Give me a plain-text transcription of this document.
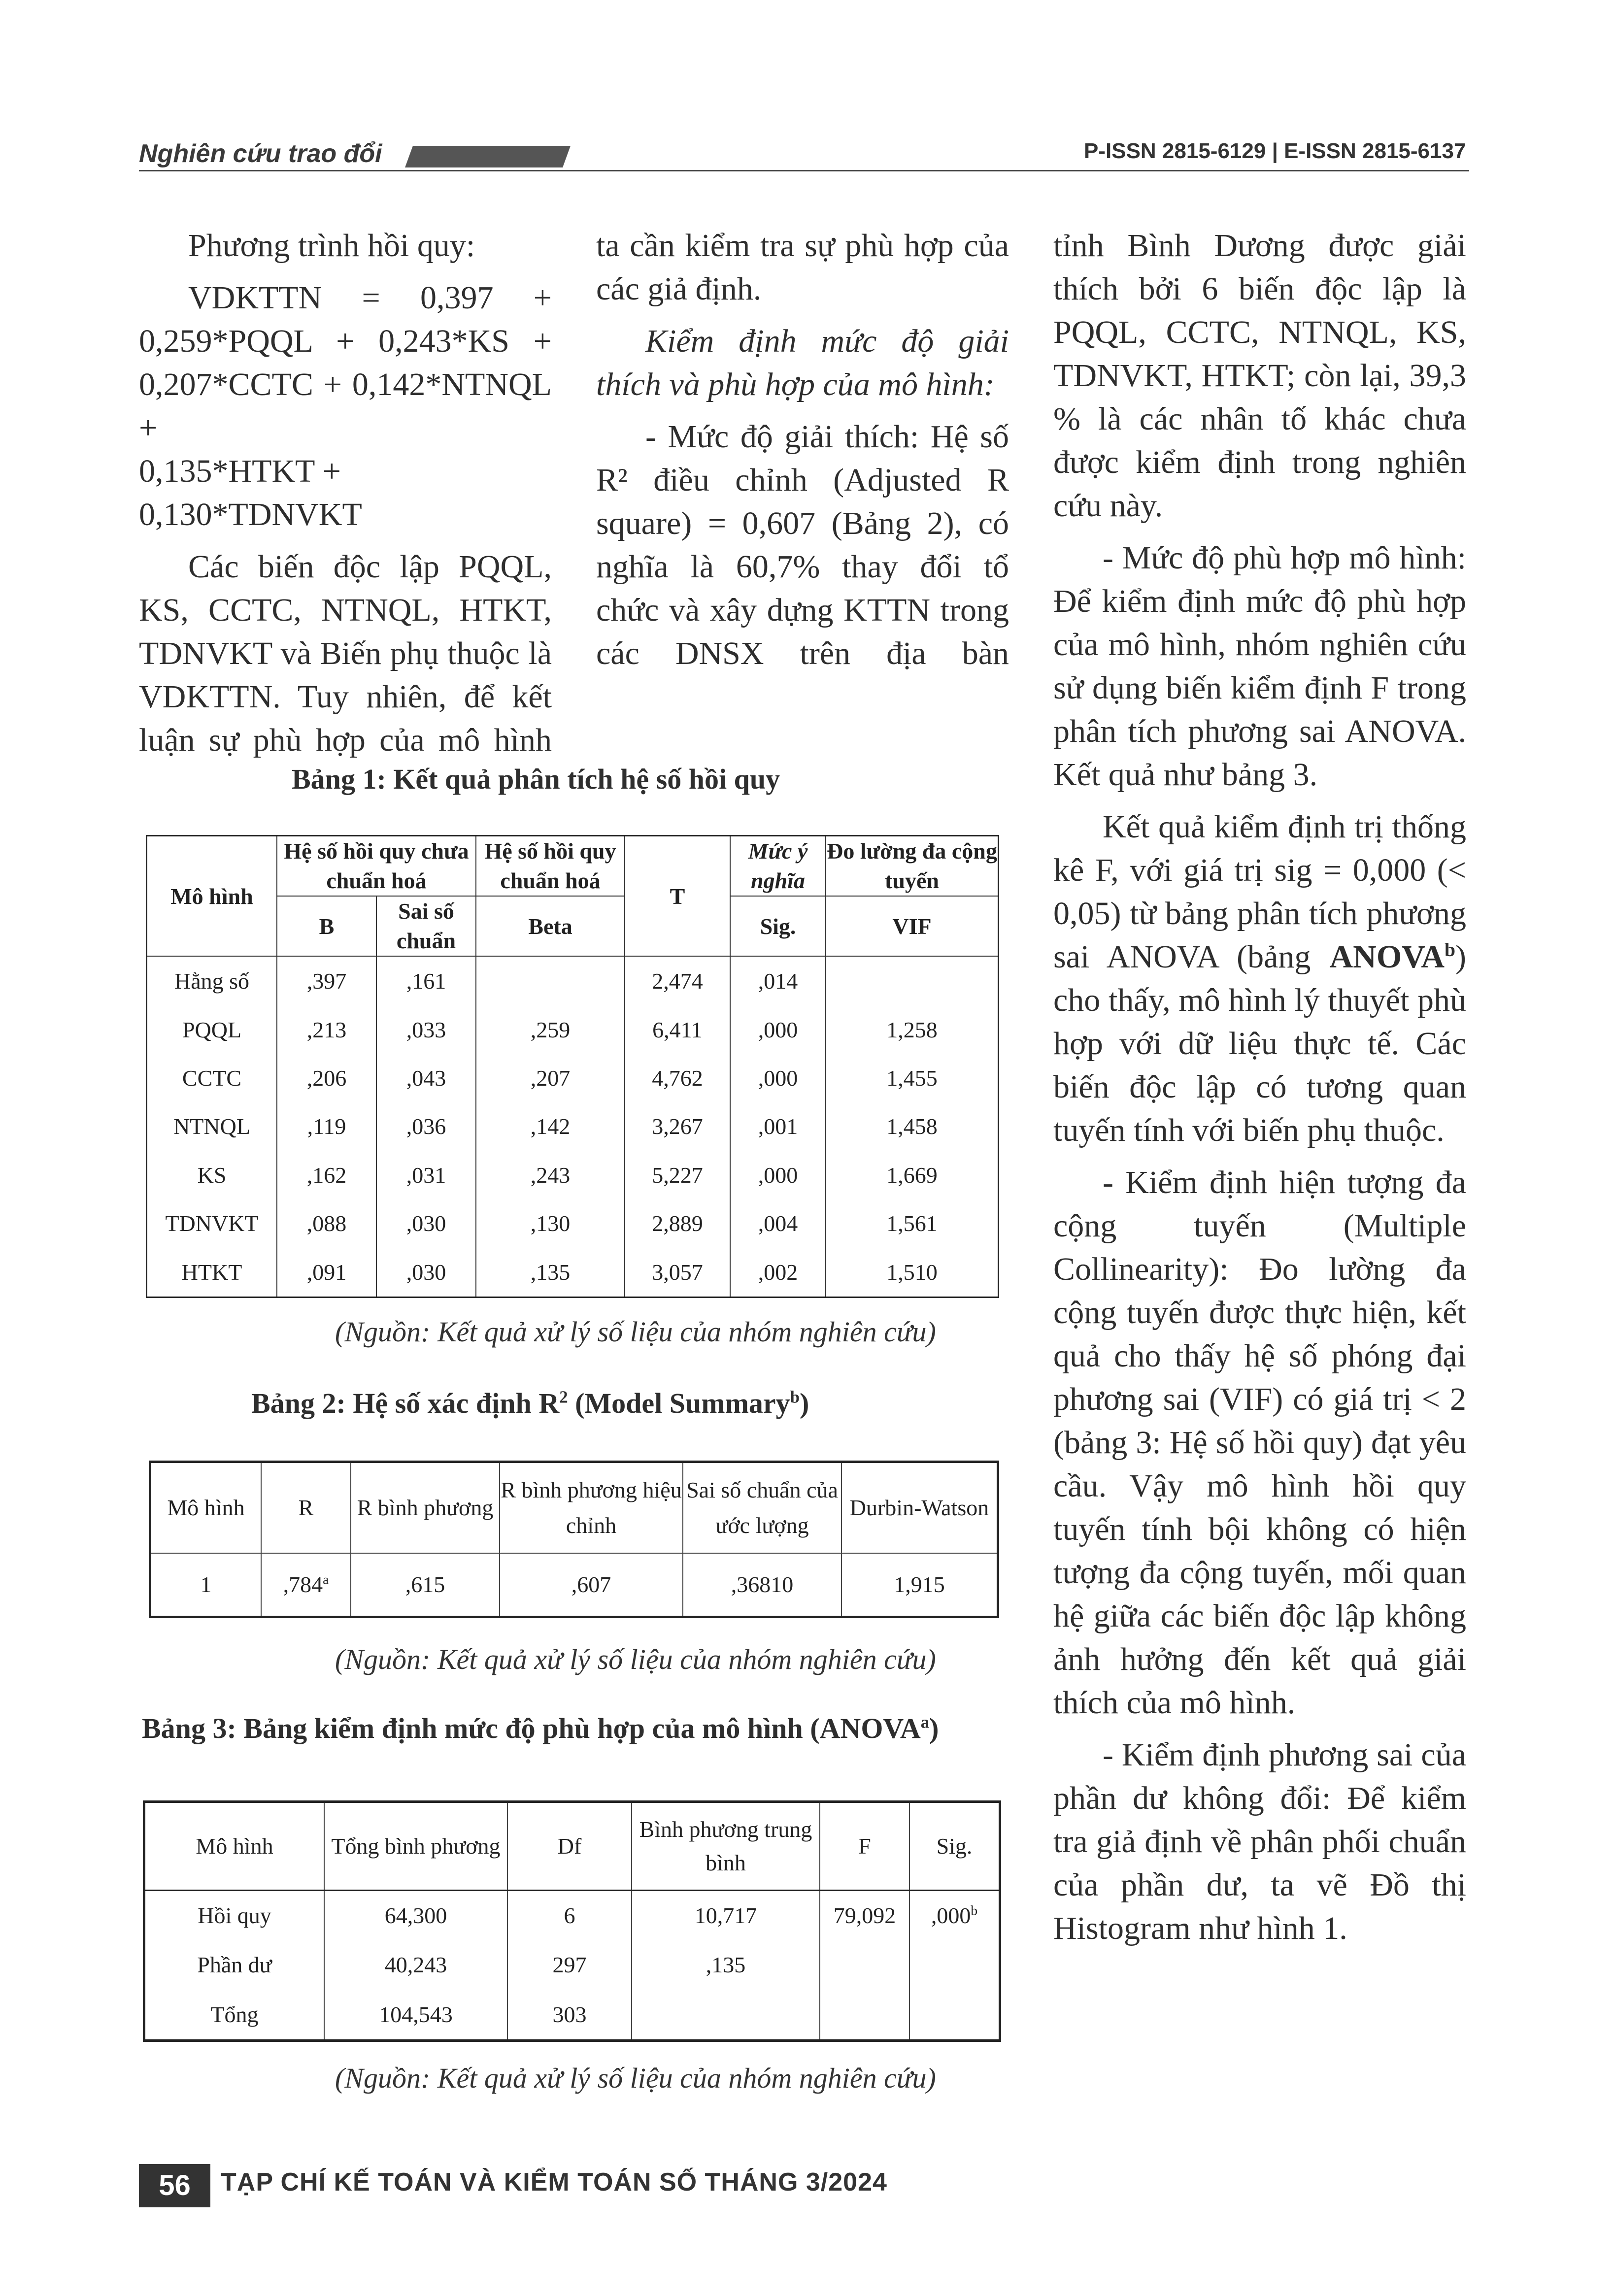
Nghiên cứu trao đổi	P-ISSN 2815-6129 | E-ISSN 2815-6137

Phương trình hồi quy:

VDKTTN = 0,397 +
0,259*PQQL + 0,243*KS +
0,207*CCTC + 0,142*NTNQL +
0,135*HTKT + 0,130*TDNVKT

Các biến độc lập PQQL, KS, CCTC, NTNQL, HTKT, TDNVKT và Biến phụ thuộc là VDKTTN. Tuy nhiên, để kết luận sự phù hợp của mô hình

ta cần kiểm tra sự phù hợp của các giả định.

Kiểm định mức độ giải thích và phù hợp của mô hình:

- Mức độ giải thích: Hệ số R² điều chỉnh (Adjusted R square) = 0,607 (Bảng 2), có nghĩa là 60,7% thay đổi tổ chức và xây dựng KTTN trong các DNSX trên địa bàn

tỉnh Bình Dương được giải thích bởi 6 biến độc lập là PQQL, CCTC, NTNQL, KS, TDNVKT, HTKT; còn lại, 39,3 % là các nhân tố khác chưa được kiểm định trong nghiên cứu này.

- Mức độ phù hợp mô hình: Để kiểm định mức độ phù hợp của mô hình, nhóm nghiên cứu sử dụng biến kiểm định F trong phân tích phương sai ANOVA. Kết quả như bảng 3.

Kết quả kiểm định trị thống kê F, với giá trị sig = 0,000 (< 0,05) từ bảng phân tích phương sai ANOVA (bảng ANOVA$^b$) cho thấy, mô hình lý thuyết phù hợp với dữ liệu thực tế. Các biến độc lập có tương quan tuyến tính với biến phụ thuộc.

- Kiểm định hiện tượng đa cộng tuyến (Multiple Collinearity): Đo lường đa cộng tuyến được thực hiện, kết quả cho thấy hệ số phóng đại phương sai (VIF) có giá trị < 2 (bảng 3: Hệ số hồi quy) đạt yêu cầu. Vậy mô hình hồi quy tuyến tính bội không có hiện tượng đa cộng tuyến, mối quan hệ giữa các biến độc lập không ảnh hưởng đến kết quả giải thích của mô hình.

- Kiểm định phương sai của phần dư không đổi: Để kiểm tra giả định về phân phối chuẩn của phần dư, ta vẽ Đồ thị Histogram như hình 1.

Bảng 1: Kết quả phân tích hệ số hồi quy
Mô hình	Hệ số hồi quy chưa chuẩn hoá		Hệ số hồi quy chuẩn hoá	T	Mức ý nghĩa	Đo lường đa cộng tuyến
	B	Sai số chuẩn	Beta		Sig.	VIF
Hằng số	,397	,161		2,474	,014	
PQQL	,213	,033	,259	6,411	,000	1,258
CCTC	,206	,043	,207	4,762	,000	1,455
NTNQL	,119	,036	,142	3,267	,001	1,458
KS	,162	,031	,243	5,227	,000	1,669
TDNVKT	,088	,030	,130	2,889	,004	1,561
HTKT	,091	,030	,135	3,057	,002	1,510
(Nguồn: Kết quả xử lý số liệu của nhóm nghiên cứu)
Bảng 2: Hệ số xác định $R^2$ (Model Summary$^b$)
Mô hình	R	R bình phương	R bình phương hiệu chỉnh	Sai số chuẩn của ước lượng	Durbin-Watson
1	,784$^a$	,615	,607	,36810	1,915
(Nguồn: Kết quả xử lý số liệu của nhóm nghiên cứu)
Bảng 3: Bảng kiểm định mức độ phù hợp của mô hình (ANOVA$^a$)
Mô hình	Tổng bình phương	Df	Bình phương trung bình	F	Sig.
Hồi quy	64,300	6	10,717	79,092	,000$^b$
Phần dư	40,243	297	,135		
Tổng	104,543	303			
(Nguồn: Kết quả xử lý số liệu của nhóm nghiên cứu)
56	TẠP CHÍ KẾ TOÁN VÀ KIỂM TOÁN SỐ THÁNG 3/2024
